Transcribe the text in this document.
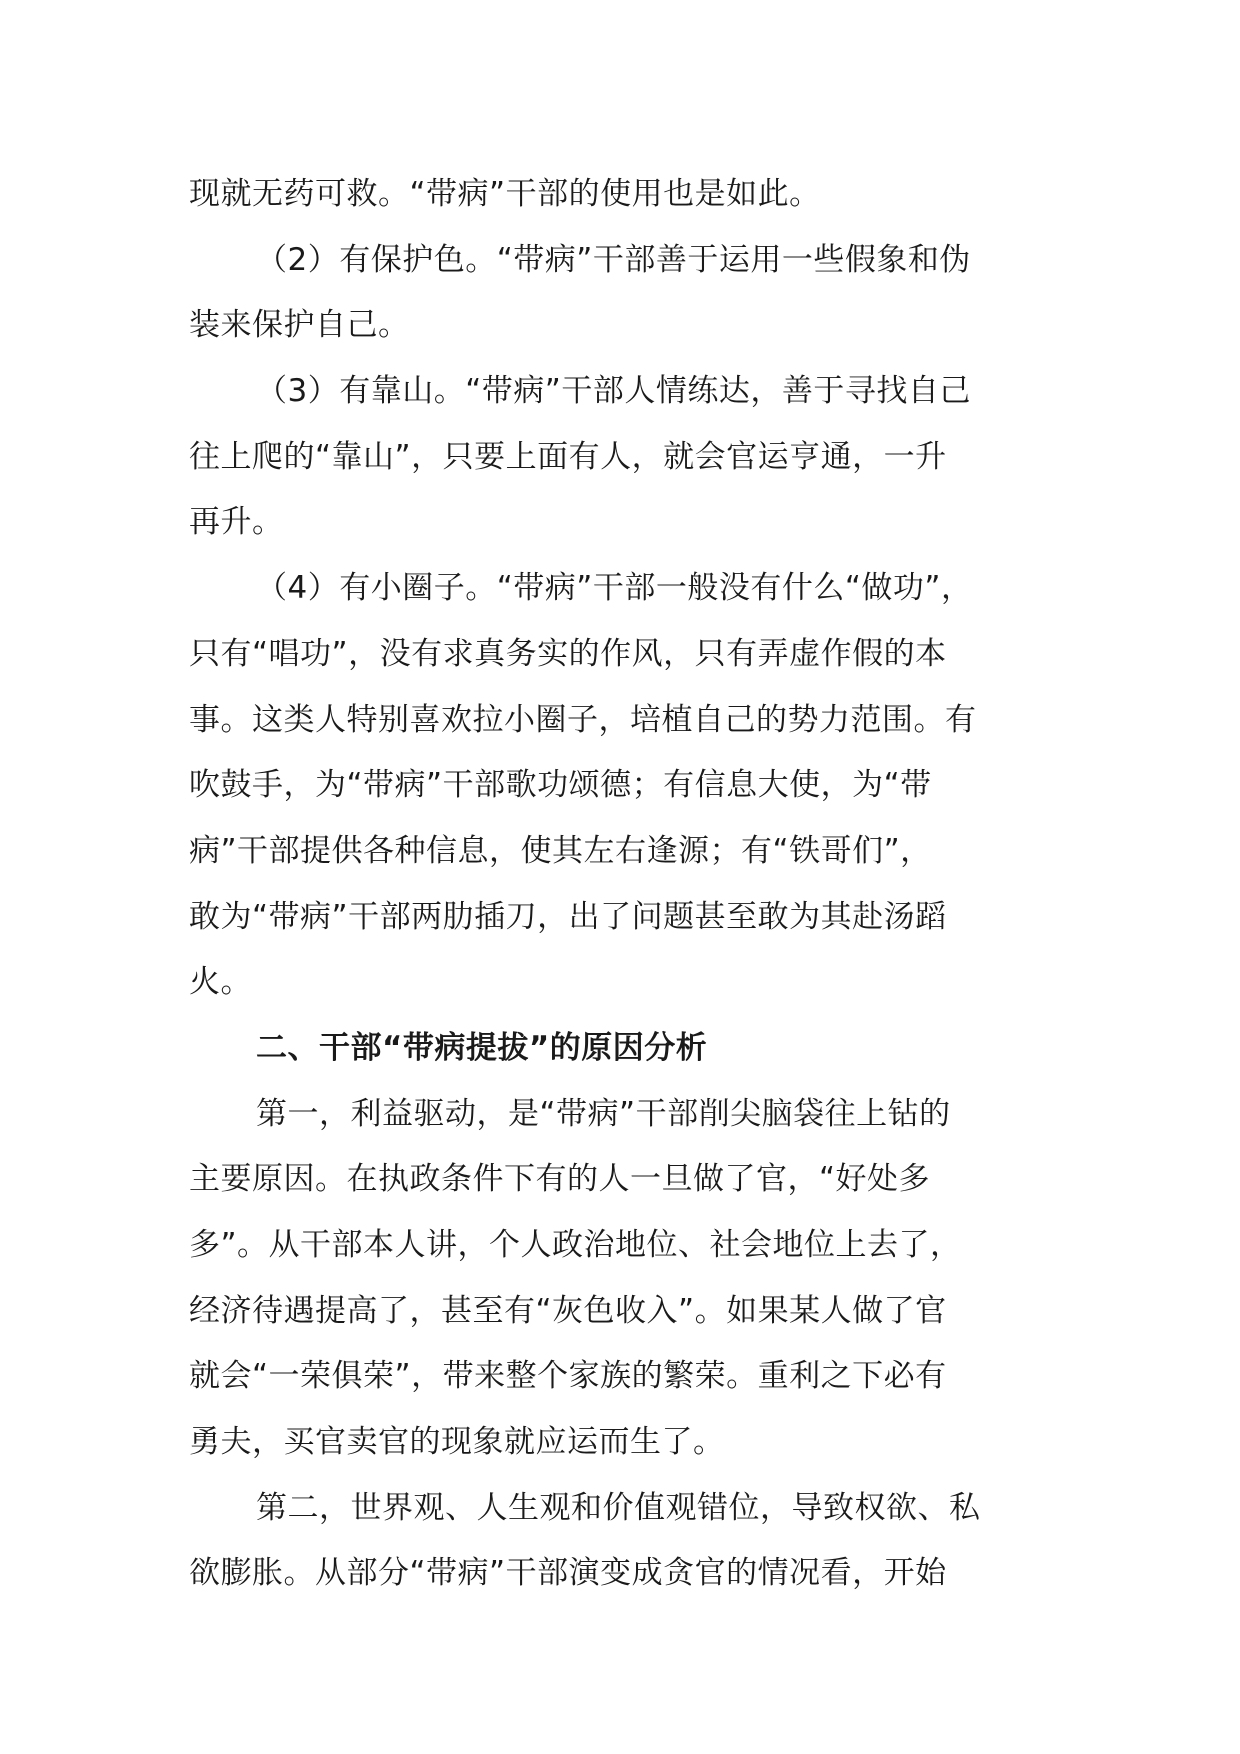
现就无药可救。“带病”干部的使用也是如此。
（2）有保护色。“带病”干部善于运用一些假象和伪
装来保护自己。
（3）有靠山。“带病”干部人情练达，善于寻找自己
往上爬的“靠山”，只要上面有人，就会官运亨通，一升
再升。
（4）有小圈子。“带病”干部一般没有什么“做功”，
只有“唱功”，没有求真务实的作风，只有弄虚作假的本
事。这类人特别喜欢拉小圈子，培植自己的势力范围。有
吹鼓手，为“带病”干部歌功颂德；有信息大使，为“带
病”干部提供各种信息，使其左右逢源；有“铁哥们”，
敢为“带病”干部两肋插刀，出了问题甚至敢为其赴汤蹈
火。
二、干部“带病提拔”的原因分析
第一，利益驱动，是“带病”干部削尖脑袋往上钻的
主要原因。在执政条件下有的人一旦做了官，“好处多
多”。从干部本人讲，个人政治地位、社会地位上去了，
经济待遇提高了，甚至有“灰色收入”。如果某人做了官
就会“一荣俱荣”，带来整个家族的繁荣。重利之下必有
勇夫，买官卖官的现象就应运而生了。
第二，世界观、人生观和价值观错位，导致权欲、私
欲膨胀。从部分“带病”干部演变成贪官的情况看，开始
